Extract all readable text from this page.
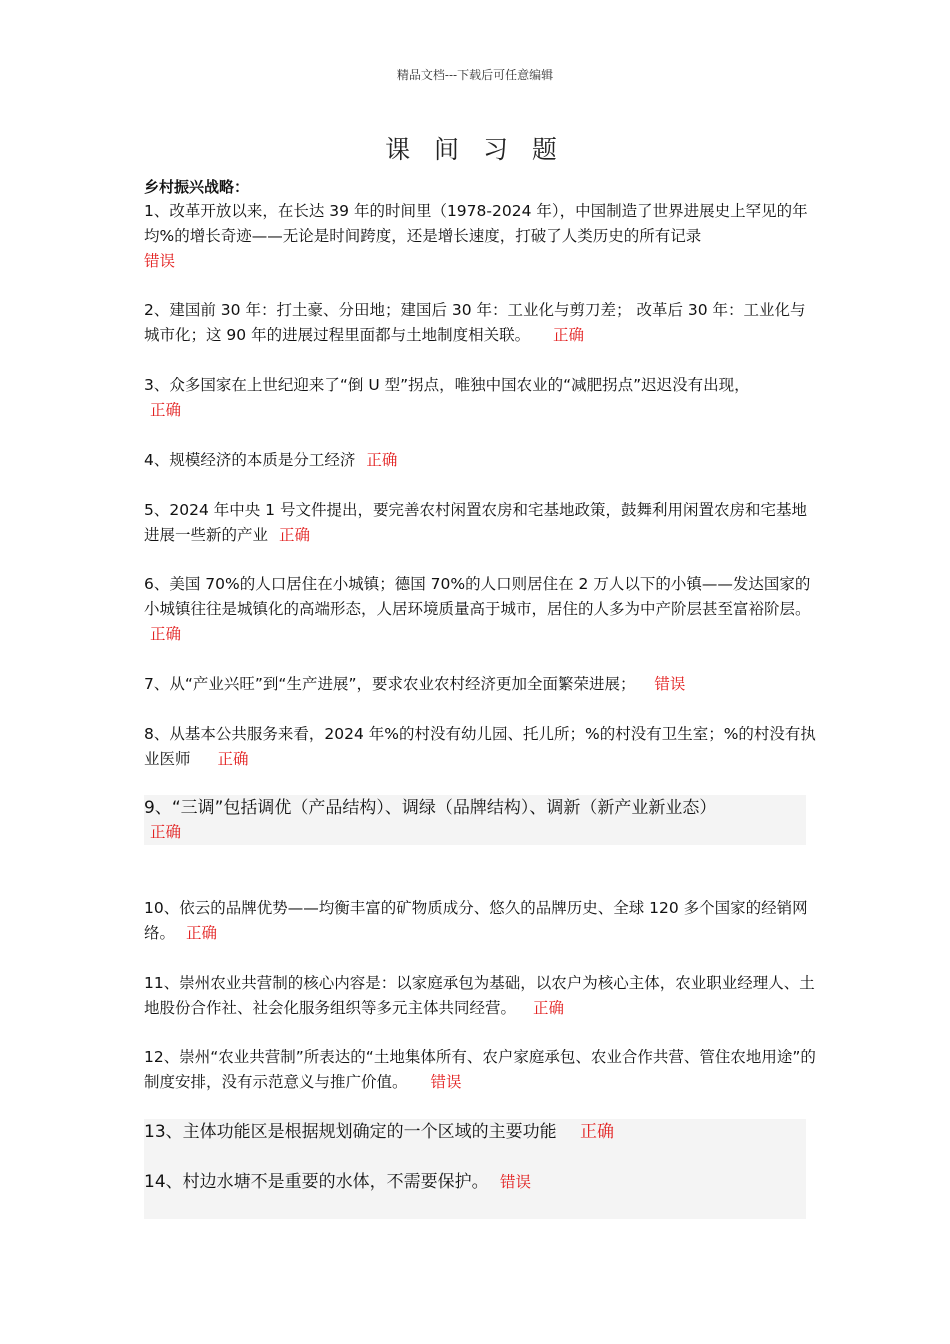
精品文档---下载后可任意编辑
课 间 习 题
乡村振兴战略：
1、改革开放以来，在长达 39 年的时间里（1978-2024 年），中国制造了世界进展史上罕见的年均%的增长奇迹——无论是时间跨度，还是增长速度，打破了人类历史的所有记录
错误
2、建国前 30 年：打土豪、分田地；建国后 30 年：工业化与剪刀差； 改革后 30 年：工业化与城市化；这 90 年的进展过程里面都与土地制度相关联。 正确
3、众多国家在上世纪迎来了“倒 U 型”拐点，唯独中国农业的“减肥拐点”迟迟没有出现，
正确
4、规模经济的本质是分工经济 正确
5、2024 年中央 1 号文件提出，要完善农村闲置农房和宅基地政策，鼓舞利用闲置农房和宅基地进展一些新的产业 正确
6、美国 70%的人口居住在小城镇；德国 70%的人口则居住在 2 万人以下的小镇——发达国家的小城镇往往是城镇化的高端形态，人居环境质量高于城市，居住的人多为中产阶层甚至富裕阶层。 正确
7、从“产业兴旺”到“生产进展”，要求农业农村经济更加全面繁荣进展； 错误
8、从基本公共服务来看，2024 年%的村没有幼儿园、托儿所；%的村没有卫生室；%的村没有执业医师 正确
9、“三调”包括调优（产品结构）、调绿（品牌结构）、调新（新产业新业态）
正确
10、依云的品牌优势——均衡丰富的矿物质成分、悠久的品牌历史、全球 120 多个国家的经销网络。 正确
11、崇州农业共营制的核心内容是：以家庭承包为基础，以农户为核心主体，农业职业经理人、土地股份合作社、社会化服务组织等多元主体共同经营。 正确
12、崇州“农业共营制”所表达的“土地集体所有、农户家庭承包、农业合作共营、管住农地用途”的制度安排，没有示范意义与推广价值。 错误
13、主体功能区是根据规划确定的一个区域的主要功能 正确
14、村边水塘不是重要的水体，不需要保护。 错误
